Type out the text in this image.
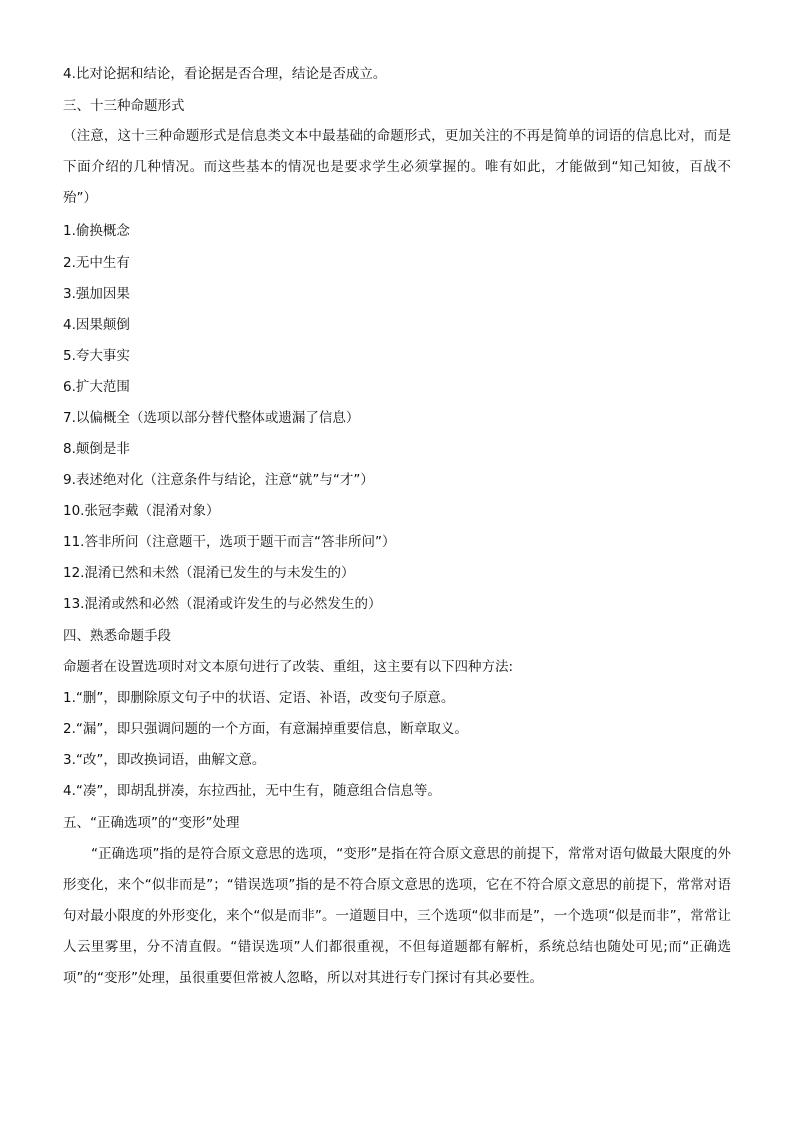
4.比对论据和结论，看论据是否合理，结论是否成立。
三、十三种命题形式
（注意，这十三种命题形式是信息类文本中最基础的命题形式，更加关注的不再是简单的词语的信息比对，而是下面介绍的几种情况。而这些基本的情况也是要求学生必须掌握的。唯有如此，才能做到“知己知彼，百战不殆”）
1.偷换概念
2.无中生有
3.强加因果
4.因果颠倒
5.夸大事实
6.扩大范围
7.以偏概全（选项以部分替代整体或遗漏了信息）
8.颠倒是非
9.表述绝对化（注意条件与结论，注意“就”与“才”）
10.张冠李戴（混淆对象）
11.答非所问（注意题干，选项于题干而言“答非所问”）
12.混淆已然和未然（混淆已发生的与未发生的）
13.混淆或然和必然（混淆或许发生的与必然发生的）
四、熟悉命题手段
命题者在设置选项时对文本原句进行了改装、重组，这主要有以下四种方法:
1.“删”，即删除原文句子中的状语、定语、补语，改变句子原意。
2.“漏”，即只强调问题的一个方面，有意漏掉重要信息，断章取义。
3.“改”，即改换词语，曲解文意。
4.“凑”，即胡乱拼凑，东拉西扯，无中生有，随意组合信息等。
五、“正确选项”的“变形”处理
“正确选项”指的是符合原文意思的选项，“变形”是指在符合原文意思的前提下，常常对语句做最大限度的外形变化，来个“似非而是”；“错误选项”指的是不符合原文意思的选项，它在不符合原文意思的前提下，常常对语句对最小限度的外形变化，来个“似是而非”。一道题目中，三个选项“似非而是”，一个选项“似是而非”，常常让人云里雾里，分不清直假。“错误选项”人们都很重视，不但每道题都有解析，系统总结也随处可见;而“正确选项”的“变形”处理，虽很重要但常被人忽略，所以对其进行专门探讨有其必要性。
